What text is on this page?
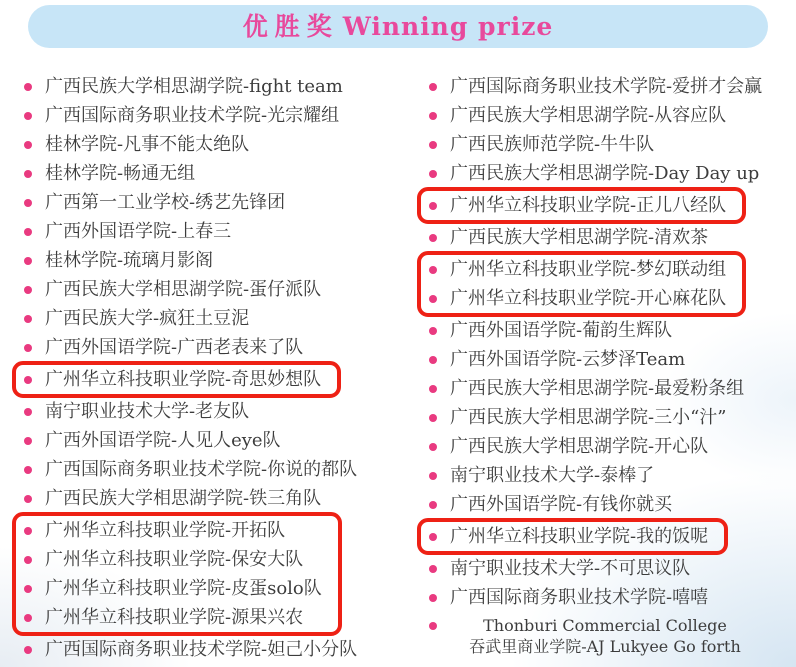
优胜奖 Winning prize
广西民族大学相思湖学院-fight team
广西国际商务职业技术学院-光宗耀组
桂林学院-凡事不能太绝队
桂林学院-畅通无组
广西第一工业学校-绣艺先锋团
广西外国语学院-上春三
桂林学院-琉璃月影阁
广西民族大学相思湖学院-蛋仔派队
广西民族大学-疯狂土豆泥
广西外国语学院-广西老表来了队
广州华立科技职业学院-奇思妙想队
南宁职业技术大学-老友队
广西外国语学院-人见人eye队
广西国际商务职业技术学院-你说的都队
广西民族大学相思湖学院-铁三角队
广州华立科技职业学院-开拓队
广州华立科技职业学院-保安大队
广州华立科技职业学院-皮蛋solo队
广州华立科技职业学院-源果兴农
广西国际商务职业技术学院-妲己小分队
广西国际商务职业技术学院-爱拼才会赢
广西民族大学相思湖学院-从容应队
广西民族师范学院-牛牛队
广西民族大学相思湖学院-Day Day up
广州华立科技职业学院-正儿八经队
广西民族大学相思湖学院-清欢茶
广州华立科技职业学院-梦幻联动组
广州华立科技职业学院-开心麻花队
广西外国语学院-葡韵生辉队
广西外国语学院-云梦泽Team
广西民族大学相思湖学院-最爱粉条组
广西民族大学相思湖学院-三小“汁”
广西民族大学相思湖学院-开心队
南宁职业技术大学-泰棒了
广西外国语学院-有钱你就买
广州华立科技职业学院-我的饭呢
南宁职业技术大学-不可思议队
广西国际商务职业技术学院-嘻嘻
Thonburi Commercial College
吞武里商业学院-AJ Lukyee Go forth
